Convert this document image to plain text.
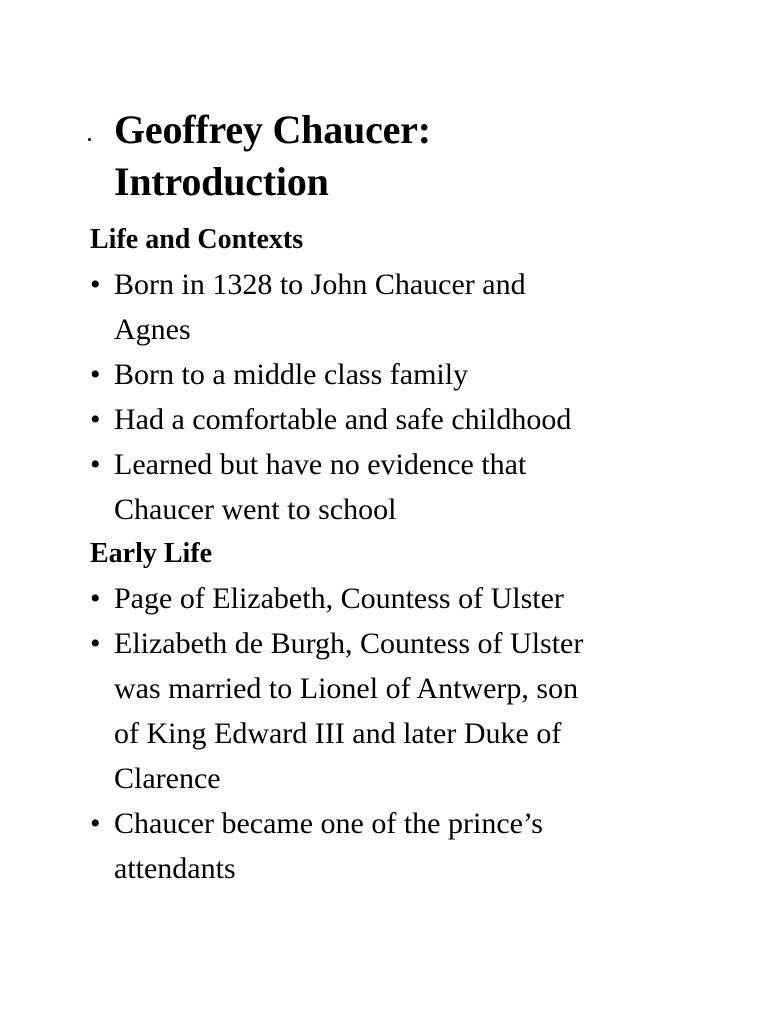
Geoffrey Chaucer:
Introduction
Life and Contexts
• Born in 1328 to John Chaucer and
Agnes
• Born to a middle class family
• Had a comfortable and safe childhood
• Learned but have no evidence that
Chaucer went to school
Early Life
• Page of Elizabeth, Countess of Ulster
• Elizabeth de Burgh, Countess of Ulster
was married to Lionel of Antwerp, son
of King Edward III and later Duke of
Clarence
• Chaucer became one of the prince’s
attendants
